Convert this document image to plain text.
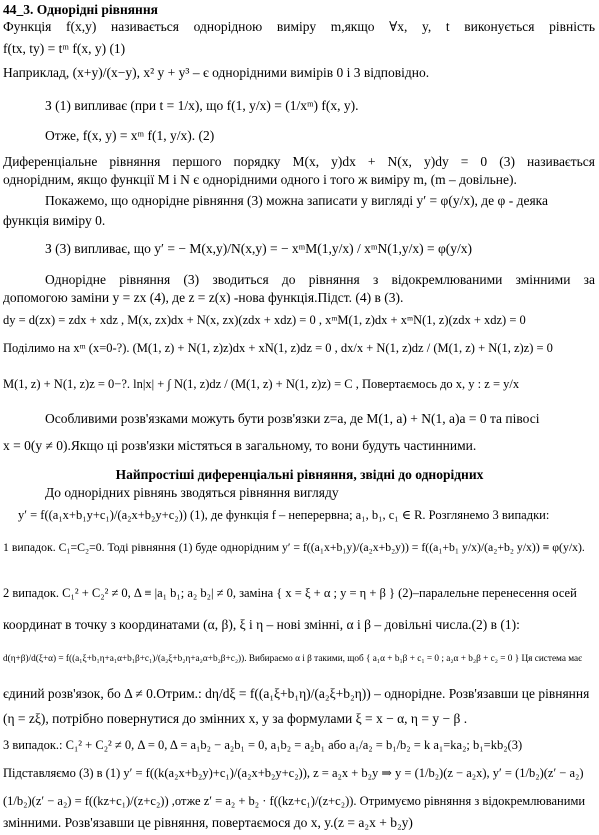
44_3. Однорідні рівняння
Функція f(x,y) називається однорідною виміру m,якщо ∀x, y, t виконується рівність
f(tx, ty) = tᵐ f(x, y) (1)
Наприклад, (x+y)/(x−y), x² y + y³ – є однорідними вимірів 0 і 3 відповідно.
З (1) випливає (при t = 1/x), що f(1, y/x) = (1/xᵐ) f(x, y).
Отже, f(x, y) = xᵐ f(1, y/x). (2)
Диференціальне рівняння першого порядку M(x, y)dx + N(x, y)dy = 0 (3) називається
однорідним, якщо функції M і N є однорідними одного і того ж виміру m, (m – довільне).
Покажемо, що однорідне рівняння (3) можна записати у вигляді y′ = φ(y/x), де φ - деяка
функція виміру 0.
З (3) випливає, що y′ = − M(x,y)/N(x,y) = − xᵐM(1,y/x) / xᵐN(1,y/x) = φ(y/x)
Однорідне рівняння (3) зводиться до рівняння з відокремлюваними змінними за
допомогою заміни y = zx (4), де z = z(x) -нова функція.Підст. (4) в (3).
dy = d(zx) = zdx + xdz , M(x, zx)dx + N(x, zx)(zdx + xdz) = 0 , xᵐM(1, z)dx + xᵐN(1, z)(zdx + xdz) = 0
Поділимо на xᵐ (x=0-?). (M(1, z) + N(1, z)z)dx + xN(1, z)dz = 0 , dx/x + N(1, z)dz / (M(1, z) + N(1, z)z) = 0
M(1, z) + N(1, z)z = 0−?. ln|x| + ∫ N(1, z)dz / (M(1, z) + N(1, z)z) = C , Повертаємось до x, y : z = y/x
Особливими розв'язками можуть бути розв'язки z=a, де M(1, a) + N(1, a)a = 0 та півосі
x = 0(y ≠ 0).Якщо ці розв'язки містяться в загальному, то вони будуть частинними.
Найпростіші диференціальні рівняння, звідні до однорідних
До однорідних рівнянь зводяться рівняння вигляду
y′ = f((a₁x+b₁y+c₁)/(a₂x+b₂y+c₂)) (1), де функція f – неперервна; a₁, b₁, c₁ ∈ R. Розглянемо 3 випадки:
1 випадок. C₁=C₂=0. Тоді рівняння (1) буде однорідним y′ = f((a₁x+b₁y)/(a₂x+b₂y)) = f((a₁+b₁ y/x)/(a₂+b₂ y/x)) ≡ φ(y/x).
2 випадок. C₁² + C₂² ≠ 0, Δ ≡ |a₁ b₁; a₂ b₂| ≠ 0, заміна { x = ξ + α ; y = η + β } (2)–паралельне перенесення осей
координат в точку з координатами (α, β), ξ і η – нові змінні, α і β – довільні числа.(2) в (1):
d(η+β)/d(ξ+α) = f((a₁ξ+b₁η+a₁α+b₁β+c₁)/(a₂ξ+b₂η+a₂α+b₂β+c₂)). Вибираємо α і β такими, щоб { a₁α + b₁β + c₁ = 0 ; a₂α + b₂β + c₂ = 0 } Ця система має
єдиний розв'язок, бо Δ ≠ 0.Отрим.: dη/dξ = f((a₁ξ+b₁η)/(a₂ξ+b₂η)) – однорідне. Розв'язавши це рівняння
(η = zξ), потрібно повернутися до змінних x, y за формулами ξ = x − α, η = y − β .
3 випадок.: C₁² + C₂² ≠ 0, Δ = 0, Δ = a₁b₂ − a₂b₁ = 0, a₁b₂ = a₂b₁ або a₁/a₂ = b₁/b₂ = k a₁=ka₂; b₁=kb₂(3)
Підставляємо (3) в (1) y′ = f((k(a₂x+b₂y)+c₁)/(a₂x+b₂y+c₂)), z = a₂x + b₂y ⇒ y = (1/b₂)(z − a₂x), y′ = (1/b₂)(z′ − a₂)
(1/b₂)(z′ − a₂) = f((kz+c₁)/(z+c₂)) ,отже z′ = a₂ + b₂ · f((kz+c₁)/(z+c₂)). Отримуємо рівняння з відокремлюваними
змінними. Розв'язавши це рівняння, повертаємося до x, y.(z = a₂x + b₂y)
